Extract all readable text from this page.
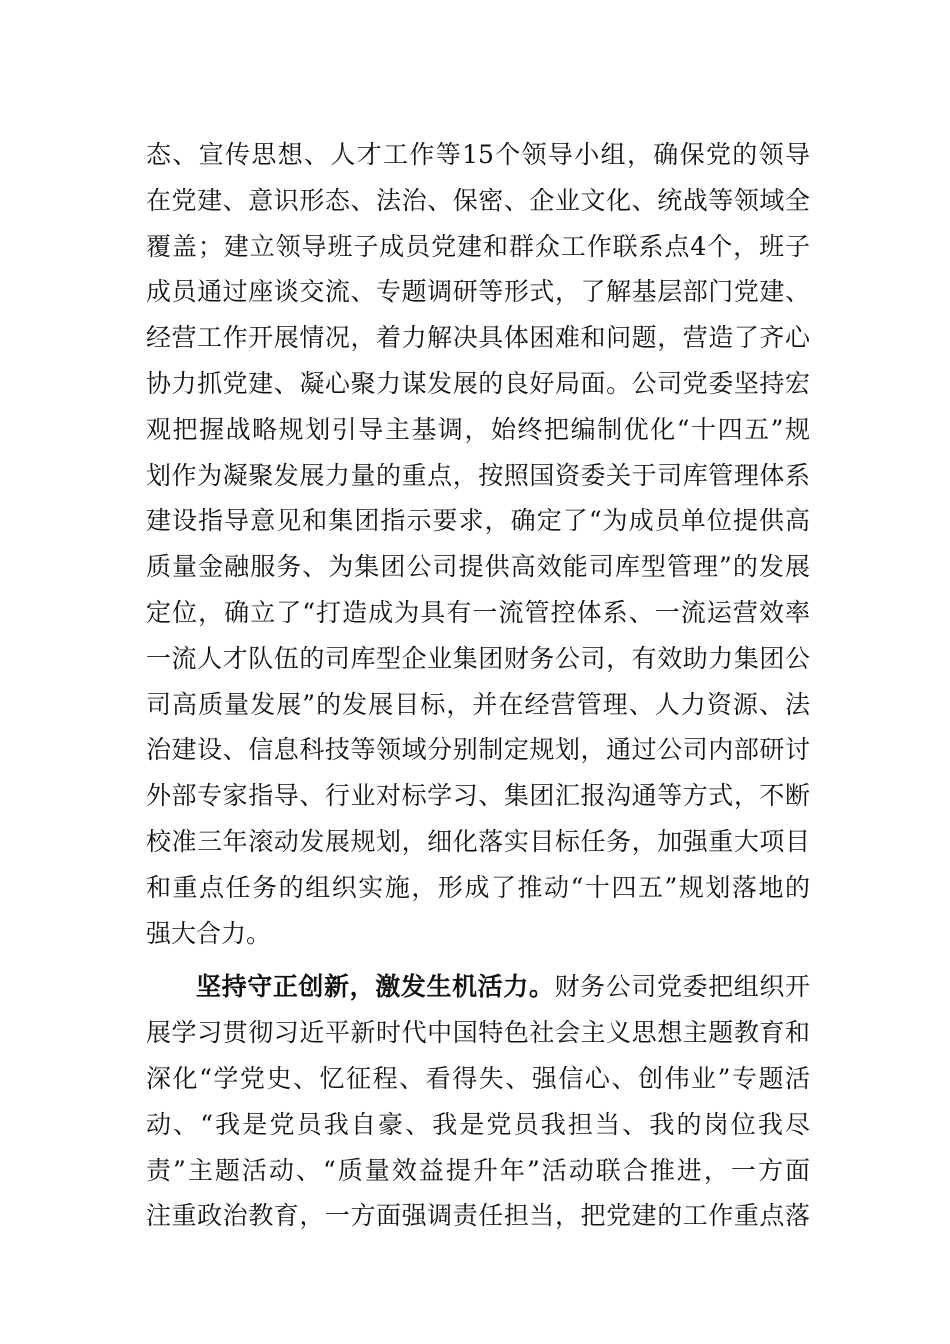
态、宣传思想、人才工作等15个领导小组，确保党的领导
在党建、意识形态、法治、保密、企业文化、统战等领域全
覆盖；建立领导班子成员党建和群众工作联系点4个，班子
成员通过座谈交流、专题调研等形式，了解基层部门党建、
经营工作开展情况，着力解决具体困难和问题，营造了齐心
协力抓党建、凝心聚力谋发展的良好局面。公司党委坚持宏
观把握战略规划引导主基调，始终把编制优化“十四五”规
划作为凝聚发展力量的重点，按照国资委关于司库管理体系
建设指导意见和集团指示要求，确定了“为成员单位提供高
质量金融服务、为集团公司提供高效能司库型管理”的发展
定位，确立了“打造成为具有一流管控体系、一流运营效率
一流人才队伍的司库型企业集团财务公司，有效助力集团公
司高质量发展”的发展目标，并在经营管理、人力资源、法
治建设、信息科技等领域分别制定规划，通过公司内部研讨
外部专家指导、行业对标学习、集团汇报沟通等方式，不断
校准三年滚动发展规划，细化落实目标任务，加强重大项目
和重点任务的组织实施，形成了推动“十四五”规划落地的
强大合力。
坚持守正创新，激发生机活力。财务公司党委把组织开
展学习贯彻习近平新时代中国特色社会主义思想主题教育和
深化“学党史、忆征程、看得失、强信心、创伟业”专题活
动、“我是党员我自豪、我是党员我担当、我的岗位我尽
责”主题活动、“质量效益提升年”活动联合推进，一方面
注重政治教育，一方面强调责任担当，把党建的工作重点落
